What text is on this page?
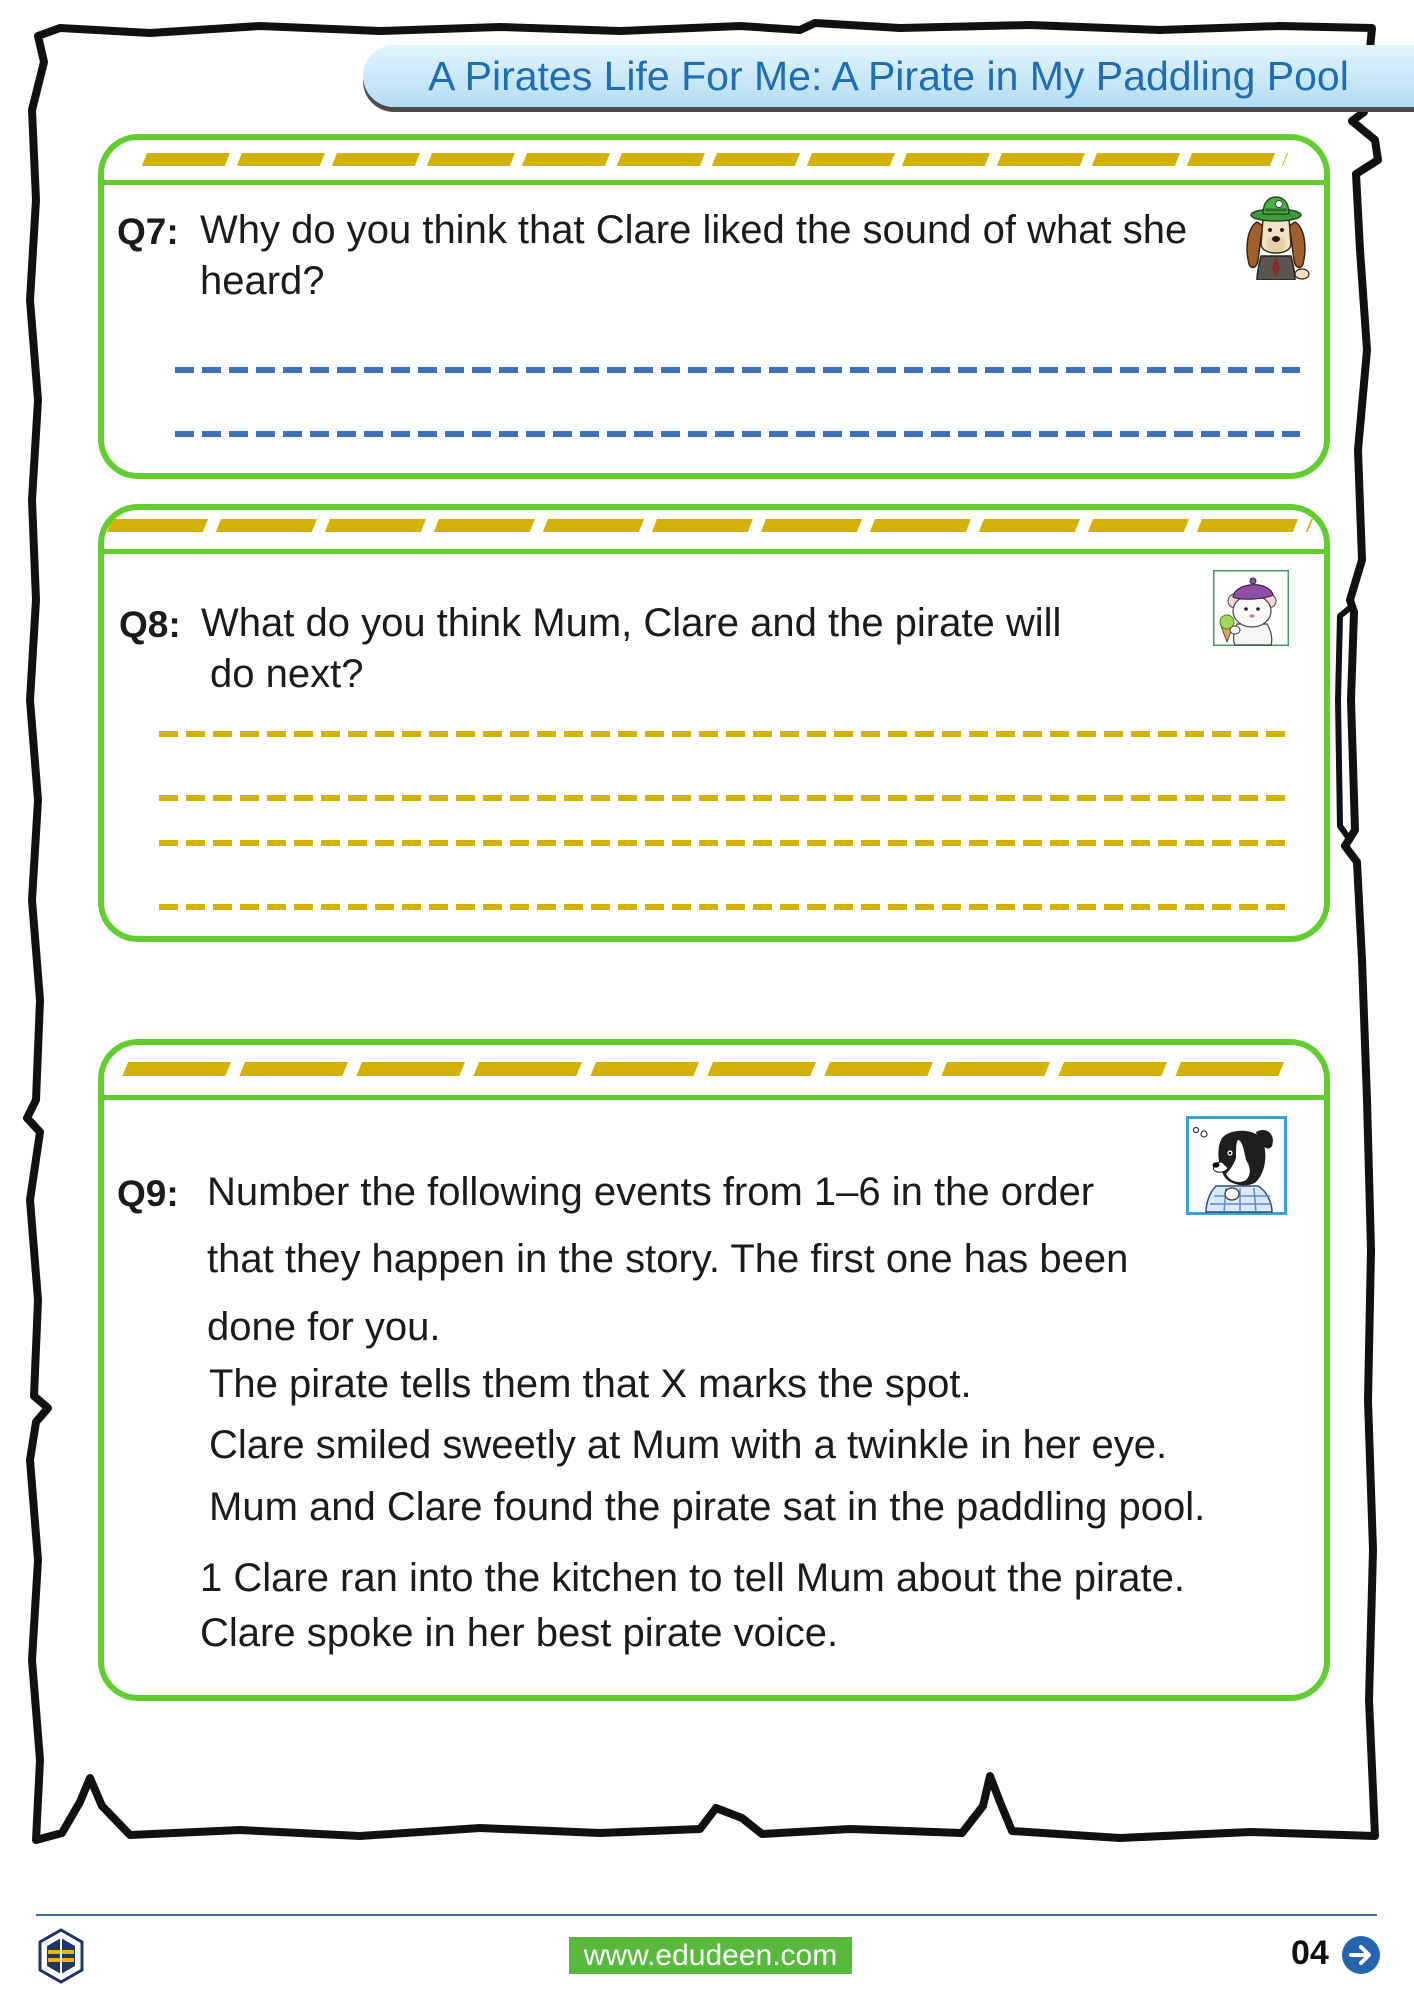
A Pirates Life For Me: A Pirate in My Paddling Pool
Q7: Why do you think that Clare liked the sound of what she
heard?
Q8: What do you think Mum, Clare and the pirate will
do next?
Q9: Number the following events from 1–6 in the order
that they happen in the story. The first one has been
done for you.
The pirate tells them that X marks the spot.
Clare smiled sweetly at Mum with a twinkle in her eye.
Mum and Clare found the pirate sat in the paddling pool.
1 Clare ran into the kitchen to tell Mum about the pirate.
Clare spoke in her best pirate voice.
www.edudeen.com	04
